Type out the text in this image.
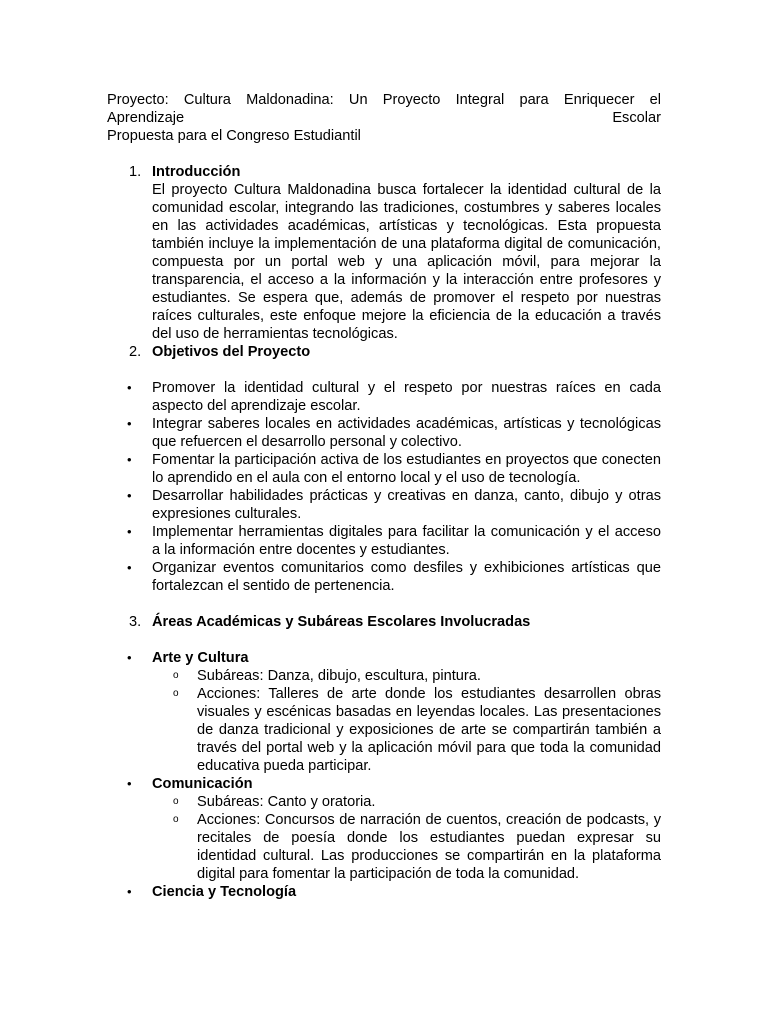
Proyecto: Cultura Maldonadina: Un Proyecto Integral para Enriquecer el

Aprendizaje	Escolar

Propuesta para el Congreso Estudiantil

1. Introducción
El proyecto Cultura Maldonadina busca fortalecer la identidad cultural de la comunidad escolar, integrando las tradiciones, costumbres y saberes locales en las actividades académicas, artísticas y tecnológicas. Esta propuesta también incluye la implementación de una plataforma digital de comunicación, compuesta por un portal web y una aplicación móvil, para mejorar la transparencia, el acceso a la información y la interacción entre profesores y estudiantes. Se espera que, además de promover el respeto por nuestras raíces culturales, este enfoque mejore la eficiencia de la educación a través del uso de herramientas tecnológicas.
2. Objetivos del Proyecto
• Promover la identidad cultural y el respeto por nuestras raíces en cada aspecto del aprendizaje escolar.
• Integrar saberes locales en actividades académicas, artísticas y tecnológicas que refuercen el desarrollo personal y colectivo.
• Fomentar la participación activa de los estudiantes en proyectos que conecten lo aprendido en el aula con el entorno local y el uso de tecnología.
• Desarrollar habilidades prácticas y creativas en danza, canto, dibujo y otras expresiones culturales.
• Implementar herramientas digitales para facilitar la comunicación y el acceso a la información entre docentes y estudiantes.
• Organizar eventos comunitarios como desfiles y exhibiciones artísticas que fortalezcan el sentido de pertenencia.
3. Áreas Académicas y Subáreas Escolares Involucradas
• Arte y Cultura
o Subáreas: Danza, dibujo, escultura, pintura.
o Acciones: Talleres de arte donde los estudiantes desarrollen obras visuales y escénicas basadas en leyendas locales. Las presentaciones de danza tradicional y exposiciones de arte se compartirán también a través del portal web y la aplicación móvil para que toda la comunidad educativa pueda participar.
• Comunicación
o Subáreas: Canto y oratoria.
o Acciones: Concursos de narración de cuentos, creación de podcasts, y recitales de poesía donde los estudiantes puedan expresar su identidad cultural. Las producciones se compartirán en la plataforma digital para fomentar la participación de toda la comunidad.
• Ciencia y Tecnología
